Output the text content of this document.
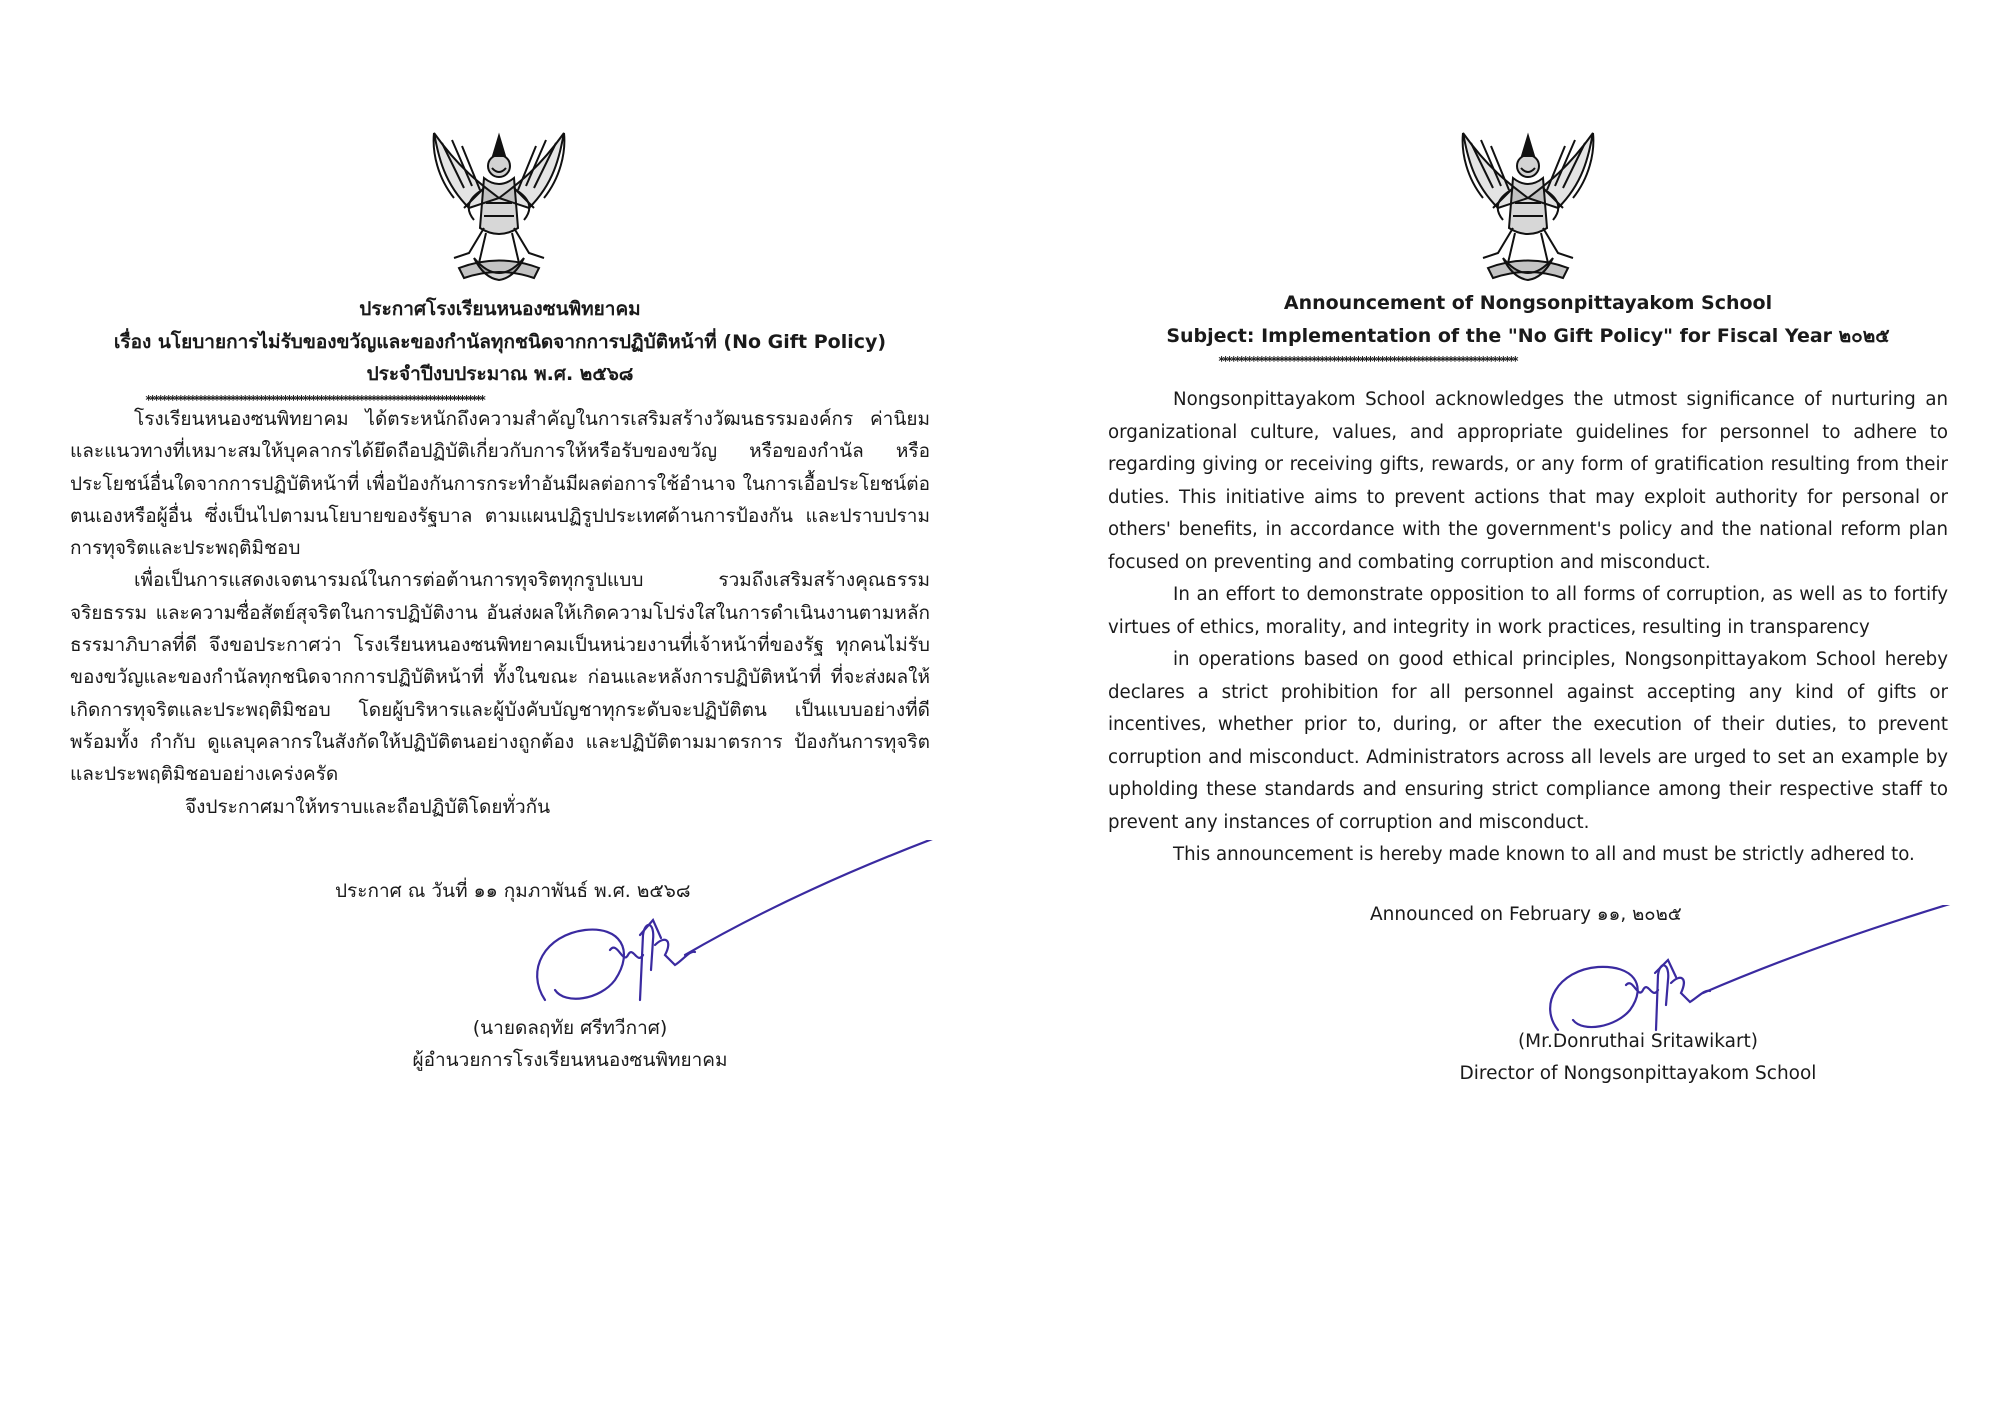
ประกาศโรงเรียนหนองซนพิทยาคม
เรื่อง นโยบายการไม่รับของขวัญและของกำนัลทุกชนิดจากการปฏิบัติหน้าที่ (No Gift Policy)
ประจำปีงบประมาณ พ.ศ. ๒๕๖๘
************************************************************************************

โรงเรียนหนองซนพิทยาคม ได้ตระหนักถึงความสำคัญในการเสริมสร้างวัฒนธรรมองค์กร ค่านิยม และแนวทางที่เหมาะสมให้บุคลากรได้ยึดถือปฏิบัติเกี่ยวกับการให้หรือรับของขวัญ หรือของกำนัล หรือประโยชน์อื่นใดจากการปฏิบัติหน้าที่ เพื่อป้องกันการกระทำอันมีผลต่อการใช้อำนาจ ในการเอื้อประโยชน์ต่อตนเองหรือผู้อื่น ซึ่งเป็นไปตามนโยบายของรัฐบาล ตามแผนปฏิรูปประเทศด้านการป้องกัน และปราบปรามการทุจริตและประพฤติมิชอบ

เพื่อเป็นการแสดงเจตนารมณ์ในการต่อต้านการทุจริตทุกรูปแบบ รวมถึงเสริมสร้างคุณธรรม จริยธรรม และความซื่อสัตย์สุจริตในการปฏิบัติงาน อันส่งผลให้เกิดความโปร่งใสในการดำเนินงานตามหลัก ธรรมาภิบาลที่ดี จึงขอประกาศว่า โรงเรียนหนองซนพิทยาคมเป็นหน่วยงานที่เจ้าหน้าที่ของรัฐ ทุกคนไม่รับของขวัญและของกำนัลทุกชนิดจากการปฏิบัติหน้าที่ ทั้งในขณะ ก่อนและหลังการปฏิบัติหน้าที่ ที่จะส่งผลให้เกิดการทุจริตและประพฤติมิชอบ โดยผู้บริหารและผู้บังคับบัญชาทุกระดับจะปฏิบัติตน เป็นแบบอย่างที่ดี พร้อมทั้ง กำกับ ดูแลบุคลากรในสังกัดให้ปฏิบัติตนอย่างถูกต้อง และปฏิบัติตามมาตรการ ป้องกันการทุจริตและประพฤติมิชอบอย่างเคร่งครัด

จึงประกาศมาให้ทราบและถือปฏิบัติโดยทั่วกัน

ประกาศ ณ วันที่ ๑๑ กุมภาพันธ์ พ.ศ. ๒๕๖๘
(นายดลฤทัย ศรีทวีกาศ)
ผู้อำนวยการโรงเรียนหนองซนพิทยาคม
Announcement of Nongsonpittayakom School
Subject: Implementation of the "No Gift Policy" for Fiscal Year ๒๐๒๕
**************************************************************************

Nongsonpittayakom School acknowledges the utmost significance of nurturing an organizational culture, values, and appropriate guidelines for personnel to adhere to regarding giving or receiving gifts, rewards, or any form of gratification resulting from their duties. This initiative aims to prevent actions that may exploit authority for personal or others' benefits, in accordance with the government's policy and the national reform plan focused on preventing and combating corruption and misconduct.

In an effort to demonstrate opposition to all forms of corruption, as well as to fortify virtues of ethics, morality, and integrity in work practices, resulting in transparency

in operations based on good ethical principles, Nongsonpittayakom School hereby declares a strict prohibition for all personnel against accepting any kind of gifts or incentives, whether prior to, during, or after the execution of their duties, to prevent corruption and misconduct. Administrators across all levels are urged to set an example by upholding these standards and ensuring strict compliance among their respective staff to prevent any instances of corruption and misconduct.

This announcement is hereby made known to all and must be strictly adhered to.

Announced on February ๑๑, ๒๐๒๕
(Mr.Donruthai Sritawikart)
Director of Nongsonpittayakom School
